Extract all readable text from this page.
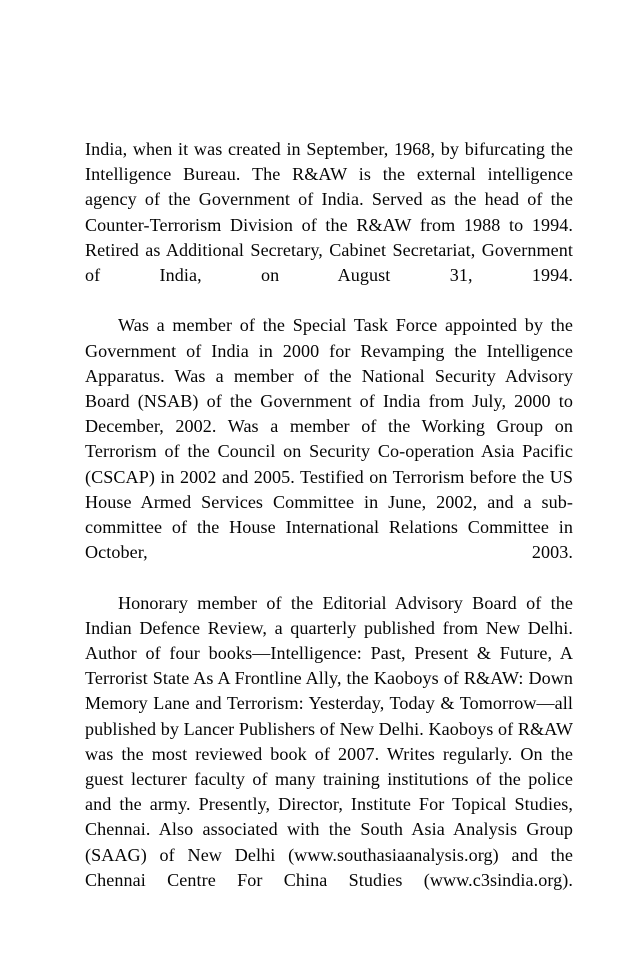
India, when it was created in September, 1968, by bifurcating the Intelligence Bureau. The R&AW is the external intelligence agency of the Government of India. Served as the head of the Counter-Terrorism Division of the R&AW from 1988 to 1994. Retired as Additional Secretary, Cabinet Secretariat, Government of India, on August 31, 1994.

Was a member of the Special Task Force appointed by the Government of India in 2000 for Revamping the Intelligence Apparatus. Was a member of the National Security Advisory Board (NSAB) of the Government of India from July, 2000 to December, 2002. Was a member of the Working Group on Terrorism of the Council on Security Co-operation Asia Pacific (CSCAP) in 2002 and 2005. Testified on Terrorism before the US House Armed Services Committee in June, 2002, and a sub-committee of the House International Relations Committee in October, 2003.

Honorary member of the Editorial Advisory Board of the Indian Defence Review, a quarterly published from New Delhi. Author of four books—Intelligence: Past, Present & Future, A Terrorist State As A Frontline Ally, the Kaoboys of R&AW: Down Memory Lane and Terrorism: Yesterday, Today & Tomorrow—all published by Lancer Publishers of New Delhi. Kaoboys of R&AW was the most reviewed book of 2007. Writes regularly. On the guest lecturer faculty of many training institutions of the police and the army. Presently, Director, Institute For Topical Studies, Chennai. Also associated with the South Asia Analysis Group (SAAG) of New Delhi (www.southasiaanalysis.org) and the Chennai Centre For China Studies (www.c3sindia.org).
